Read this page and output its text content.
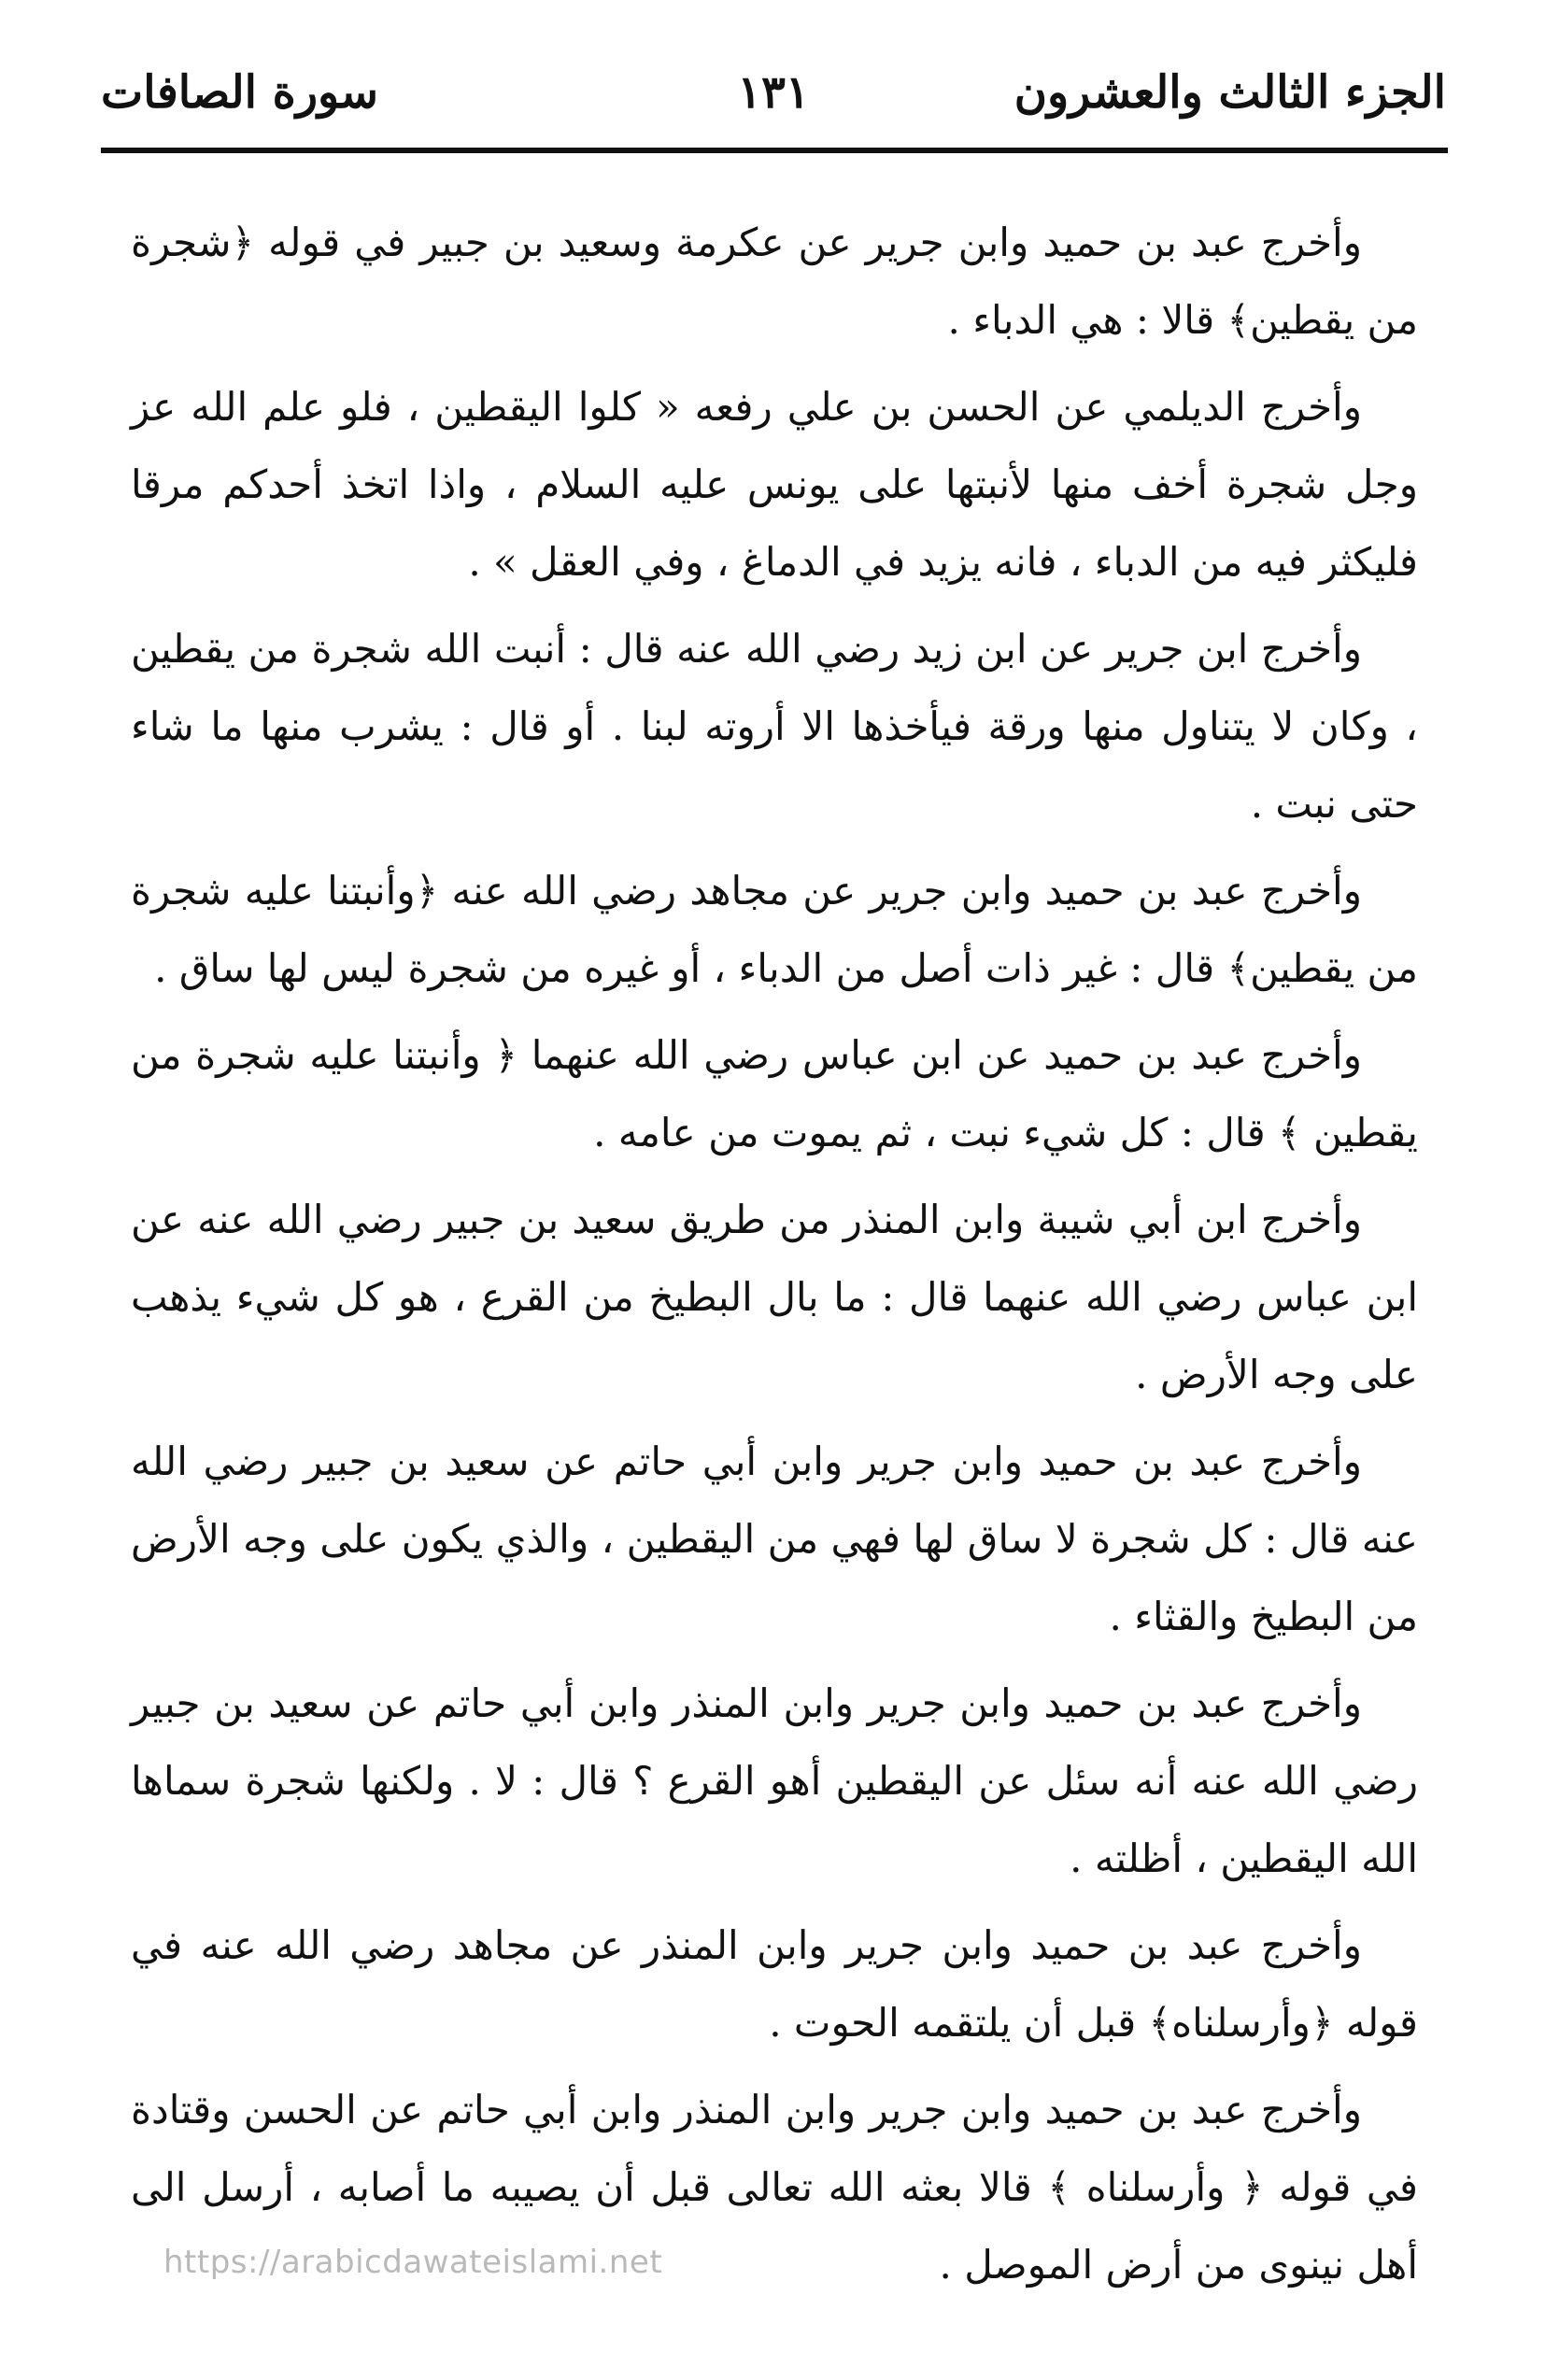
الجزء الثالث والعشرون
١٣١
سورة الصافات

وأخرج عبد بن حميد وابن جرير عن عكرمة وسعيد بن جبير في قوله ﴿شجرة من يقطين﴾ قالا : هي الدباء .

وأخرج الديلمي عن الحسن بن علي رفعه « كلوا اليقطين ، فلو علم الله عز وجل شجرة أخف منها لأنبتها على يونس عليه السلام ، واذا اتخذ أحدكم مرقا فليكثر فيه من الدباء ، فانه يزيد في الدماغ ، وفي العقل » .

وأخرج ابن جرير عن ابن زيد رضي الله عنه قال : أنبت الله شجرة من يقطين ، وكان لا يتناول منها ورقة فيأخذها الا أروته لبنا . أو قال : يشرب منها ما شاء حتى نبت .

وأخرج عبد بن حميد وابن جرير عن مجاهد رضي الله عنه ﴿وأنبتنا عليه شجرة من يقطين﴾ قال : غير ذات أصل من الدباء ، أو غيره من شجرة ليس لها ساق .

وأخرج عبد بن حميد عن ابن عباس رضي الله عنهما ﴿ وأنبتنا عليه شجرة من يقطين ﴾ قال : كل شيء نبت ، ثم يموت من عامه .

وأخرج ابن أبي شيبة وابن المنذر من طريق سعيد بن جبير رضي الله عنه عن ابن عباس رضي الله عنهما قال : ما بال البطيخ من القرع ، هو كل شيء يذهب على وجه الأرض .

وأخرج عبد بن حميد وابن جرير وابن أبي حاتم عن سعيد بن جبير رضي الله عنه قال : كل شجرة لا ساق لها فهي من اليقطين ، والذي يكون على وجه الأرض من البطيخ والقثاء .

وأخرج عبد بن حميد وابن جرير وابن المنذر وابن أبي حاتم عن سعيد بن جبير رضي الله عنه أنه سئل عن اليقطين أهو القرع ؟ قال : لا . ولكنها شجرة سماها الله اليقطين ، أظلته .

وأخرج عبد بن حميد وابن جرير وابن المنذر عن مجاهد رضي الله عنه في قوله ﴿وأرسلناه﴾ قبل أن يلتقمه الحوت .

وأخرج عبد بن حميد وابن جرير وابن المنذر وابن أبي حاتم عن الحسن وقتادة في قوله ﴿ وأرسلناه ﴾ قالا بعثه الله تعالى قبل أن يصيبه ما أصابه ، أرسل الى أهل نينوى من أرض الموصل .

https://arabicdawateislami.net
